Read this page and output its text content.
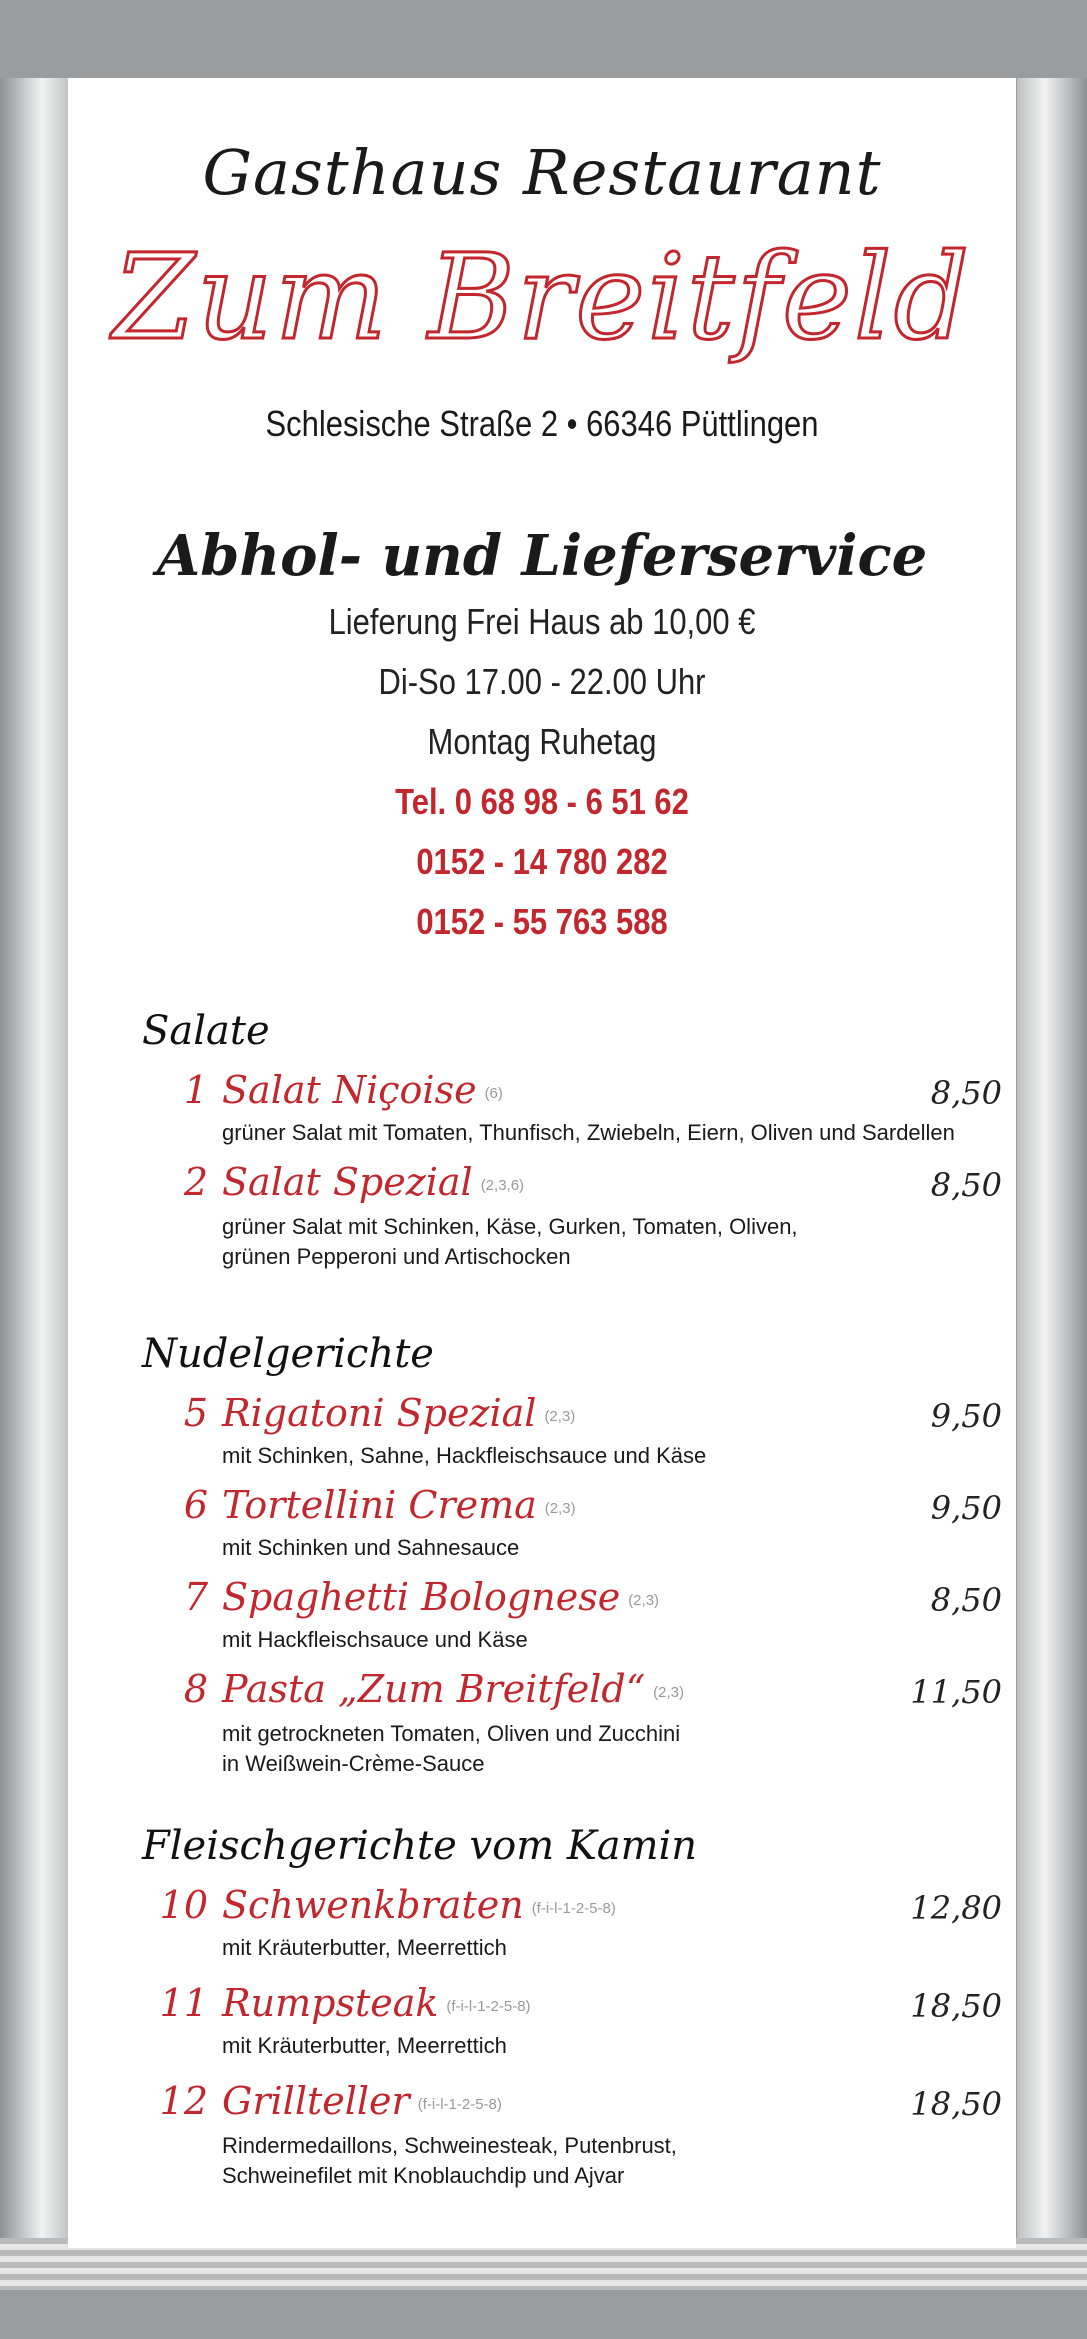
Gasthaus Restaurant
Zum Breitfeld
Schlesische Straße 2 • 66346 Püttlingen
Abhol- und Lieferservice
Lieferung Frei Haus ab 10,00 €
Di-So 17.00 - 22.00 Uhr
Montag Ruhetag
Tel. 0 68 98 - 6 51 62
0152 - 14 780 282
0152 - 55 763 588
Salate
1 Salat Niçoise (6)	8,50
grüner Salat mit Tomaten, Thunfisch, Zwiebeln, Eiern, Oliven und Sardellen
2 Salat Spezial (2,3,6)	8,50
grüner Salat mit Schinken, Käse, Gurken, Tomaten, Oliven,
grünen Pepperoni und Artischocken
Nudelgerichte
5 Rigatoni Spezial (2,3)	9,50
mit Schinken, Sahne, Hackfleischsauce und Käse
6 Tortellini Crema (2,3)	9,50
mit Schinken und Sahnesauce
7 Spaghetti Bolognese (2,3)	8,50
mit Hackfleischsauce und Käse
8 Pasta „Zum Breitfeld“ (2,3)	11,50
mit getrockneten Tomaten, Oliven und Zucchini
in Weißwein-Crème-Sauce
Fleischgerichte vom Kamin
10 Schwenkbraten (f-i-l-1-2-5-8)	12,80
mit Kräuterbutter, Meerrettich
11 Rumpsteak (f-i-l-1-2-5-8)	18,50
mit Kräuterbutter, Meerrettich
12 Grillteller (f-i-l-1-2-5-8)	18,50
Rindermedaillons, Schweinesteak, Putenbrust,
Schweinefilet mit Knoblauchdip und Ajvar
